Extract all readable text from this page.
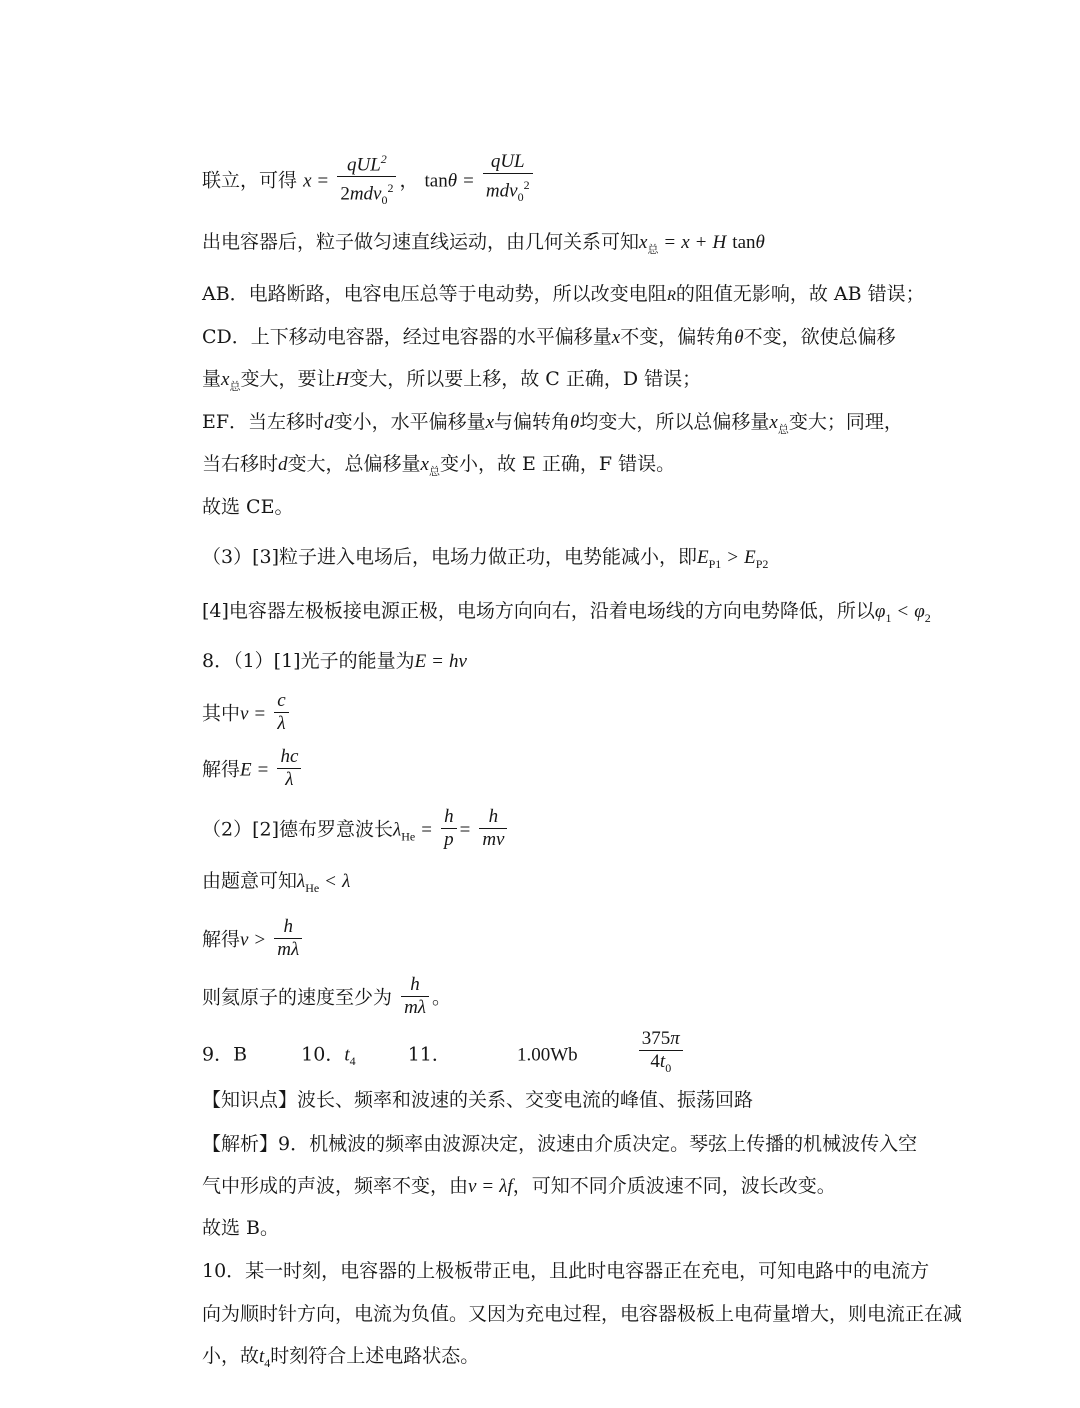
联立，可得 $x = \frac{qUL^2}{2mdv_0^2}$ ， $\tan\theta = \frac{\text{qUL}}{mdv_0^2}$
出电容器后，粒子做匀速直线运动，由几何关系可知$x_总 = x + H$ tanθ
AB．电路断路，电容电压总等于电动势，所以改变电阻R的阻值无影响，故 AB 错误；
CD．上下移动电容器，经过电容器的水平偏移量x不变，偏转角θ不变，欲使总偏移
量$x_总$变大，要让H变大，所以要上移，故 C 正确，D 错误；
EF．当左移时d变小，水平偏移量x与偏转角θ均变大，所以总偏移量$x_总$变大；同理，
当右移时d变大，总偏移量$x_总$变小，故 E 正确，F 错误。
故选 CE。
（3）[3]粒子进入电场后，电场力做正功，电势能减小，即$E_{P1} > E_{P2}$
[4]电容器左极板接电源正极，电场方向向右，沿着电场线的方向电势降低，所以$\varphi_1 < \varphi_2$
8．（1）[1]光子的能量为E = hν
其中$\nu = \frac{c}{\lambda}$
解得$E = \frac{hc}{\lambda}$
（2）[2]德布罗意波长$\lambda_{He} = \frac{h}{p} = \frac{h}{mv}$
由题意可知$\lambda_{He} < \lambda$
解得$v > \frac{h}{m\lambda}$
则氦原子的速度至少为 $\frac{h}{m\lambda}$ 。
9．B	10．$t_4$	11．	1.00Wb	$\frac{375\pi}{4t_0}$
【知识点】波长、频率和波速的关系、交变电流的峰值、振荡回路
【解析】9．机械波的频率由波源决定，波速由介质决定。琴弦上传播的机械波传入空
气中形成的声波，频率不变，由v = λf，可知不同介质波速不同，波长改变。
故选 B。
10．某一时刻，电容器的上极板带正电，且此时电容器正在充电，可知电路中的电流方
向为顺时针方向，电流为负值。又因为充电过程，电容器极板上电荷量增大，则电流正在减
小，故$t_4$时刻符合上述电路状态。
